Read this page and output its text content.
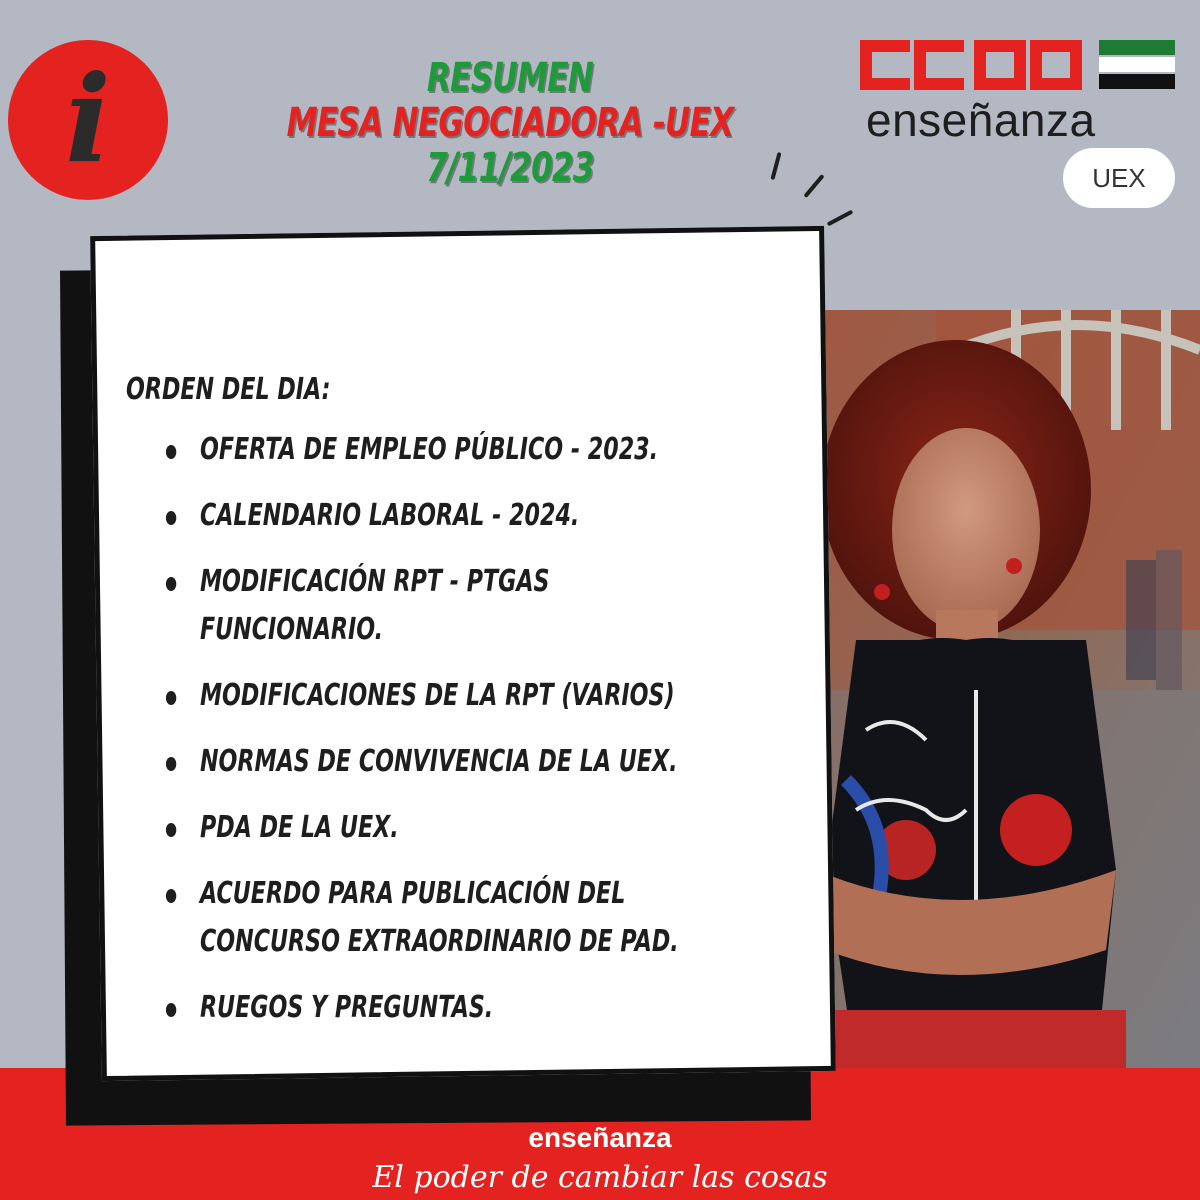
i	RESUMEN
MESA NEGOCIADORA -UEX
7/11/2023
enseñanza
UEX
enseñanza
El poder de cambiar las cosas
ORDEN DEL DIA:
OFERTA DE EMPLEO PÚBLICO - 2023.
CALENDARIO LABORAL - 2024.
MODIFICACIÓN RPT - PTGAS
FUNCIONARIO.
MODIFICACIONES DE LA RPT (VARIOS)
NORMAS DE CONVIVENCIA DE LA UEX.
PDA DE LA UEX.
ACUERDO PARA PUBLICACIÓN DEL
CONCURSO EXTRAORDINARIO DE PAD.
RUEGOS Y PREGUNTAS.
